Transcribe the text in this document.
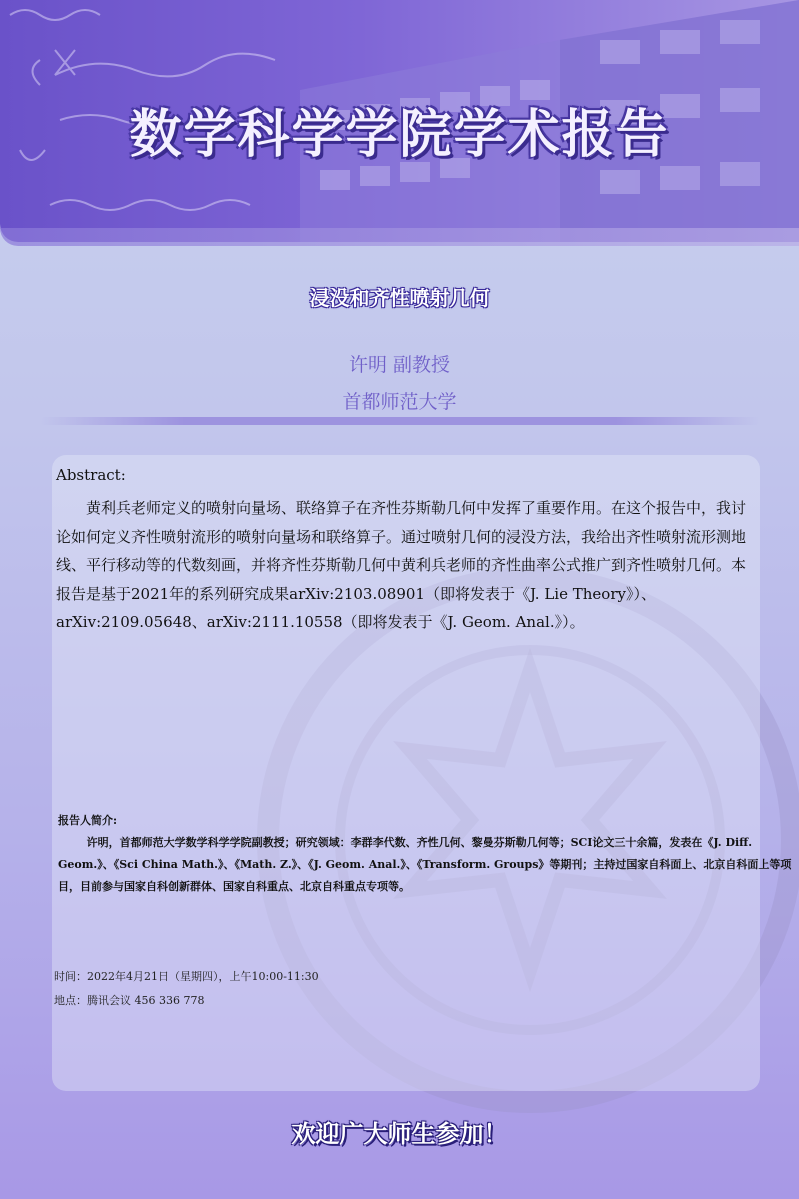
数学科学学院学术报告
浸没和齐性喷射几何
许明 副教授
首都师范大学
Abstract:

黄利兵老师定义的喷射向量场、联络算子在齐性芬斯勒几何中发挥了重要作用。在这个报告中，我讨论如何定义齐性喷射流形的喷射向量场和联络算子。通过喷射几何的浸没方法，我给出齐性喷射流形测地线、平行移动等的代数刻画，并将齐性芬斯勒几何中黄利兵老师的齐性曲率公式推广到齐性喷射几何。本报告是基于2021年的系列研究成果arXiv:2103.08901（即将发表于《J. Lie Theory》）、arXiv:2109.05648、arXiv:2111.10558（即将发表于《J. Geom. Anal.》）。

报告人简介:

许明，首都师范大学数学科学学院副教授；研究领域：李群李代数、齐性几何、黎曼芬斯勒几何等；SCI论文三十余篇，发表在《J. Diff. Geom.》、《Sci China Math.》、《Math. Z.》、《J. Geom. Anal.》、《Transform. Groups》等期刊；主持过国家自科面上、北京自科面上等项目，目前参与国家自科创新群体、国家自科重点、北京自科重点专项等。

时间：2022年4月21日（星期四），上午10:00-11:30
地点：腾讯会议 456 336 778
欢迎广大师生参加！
